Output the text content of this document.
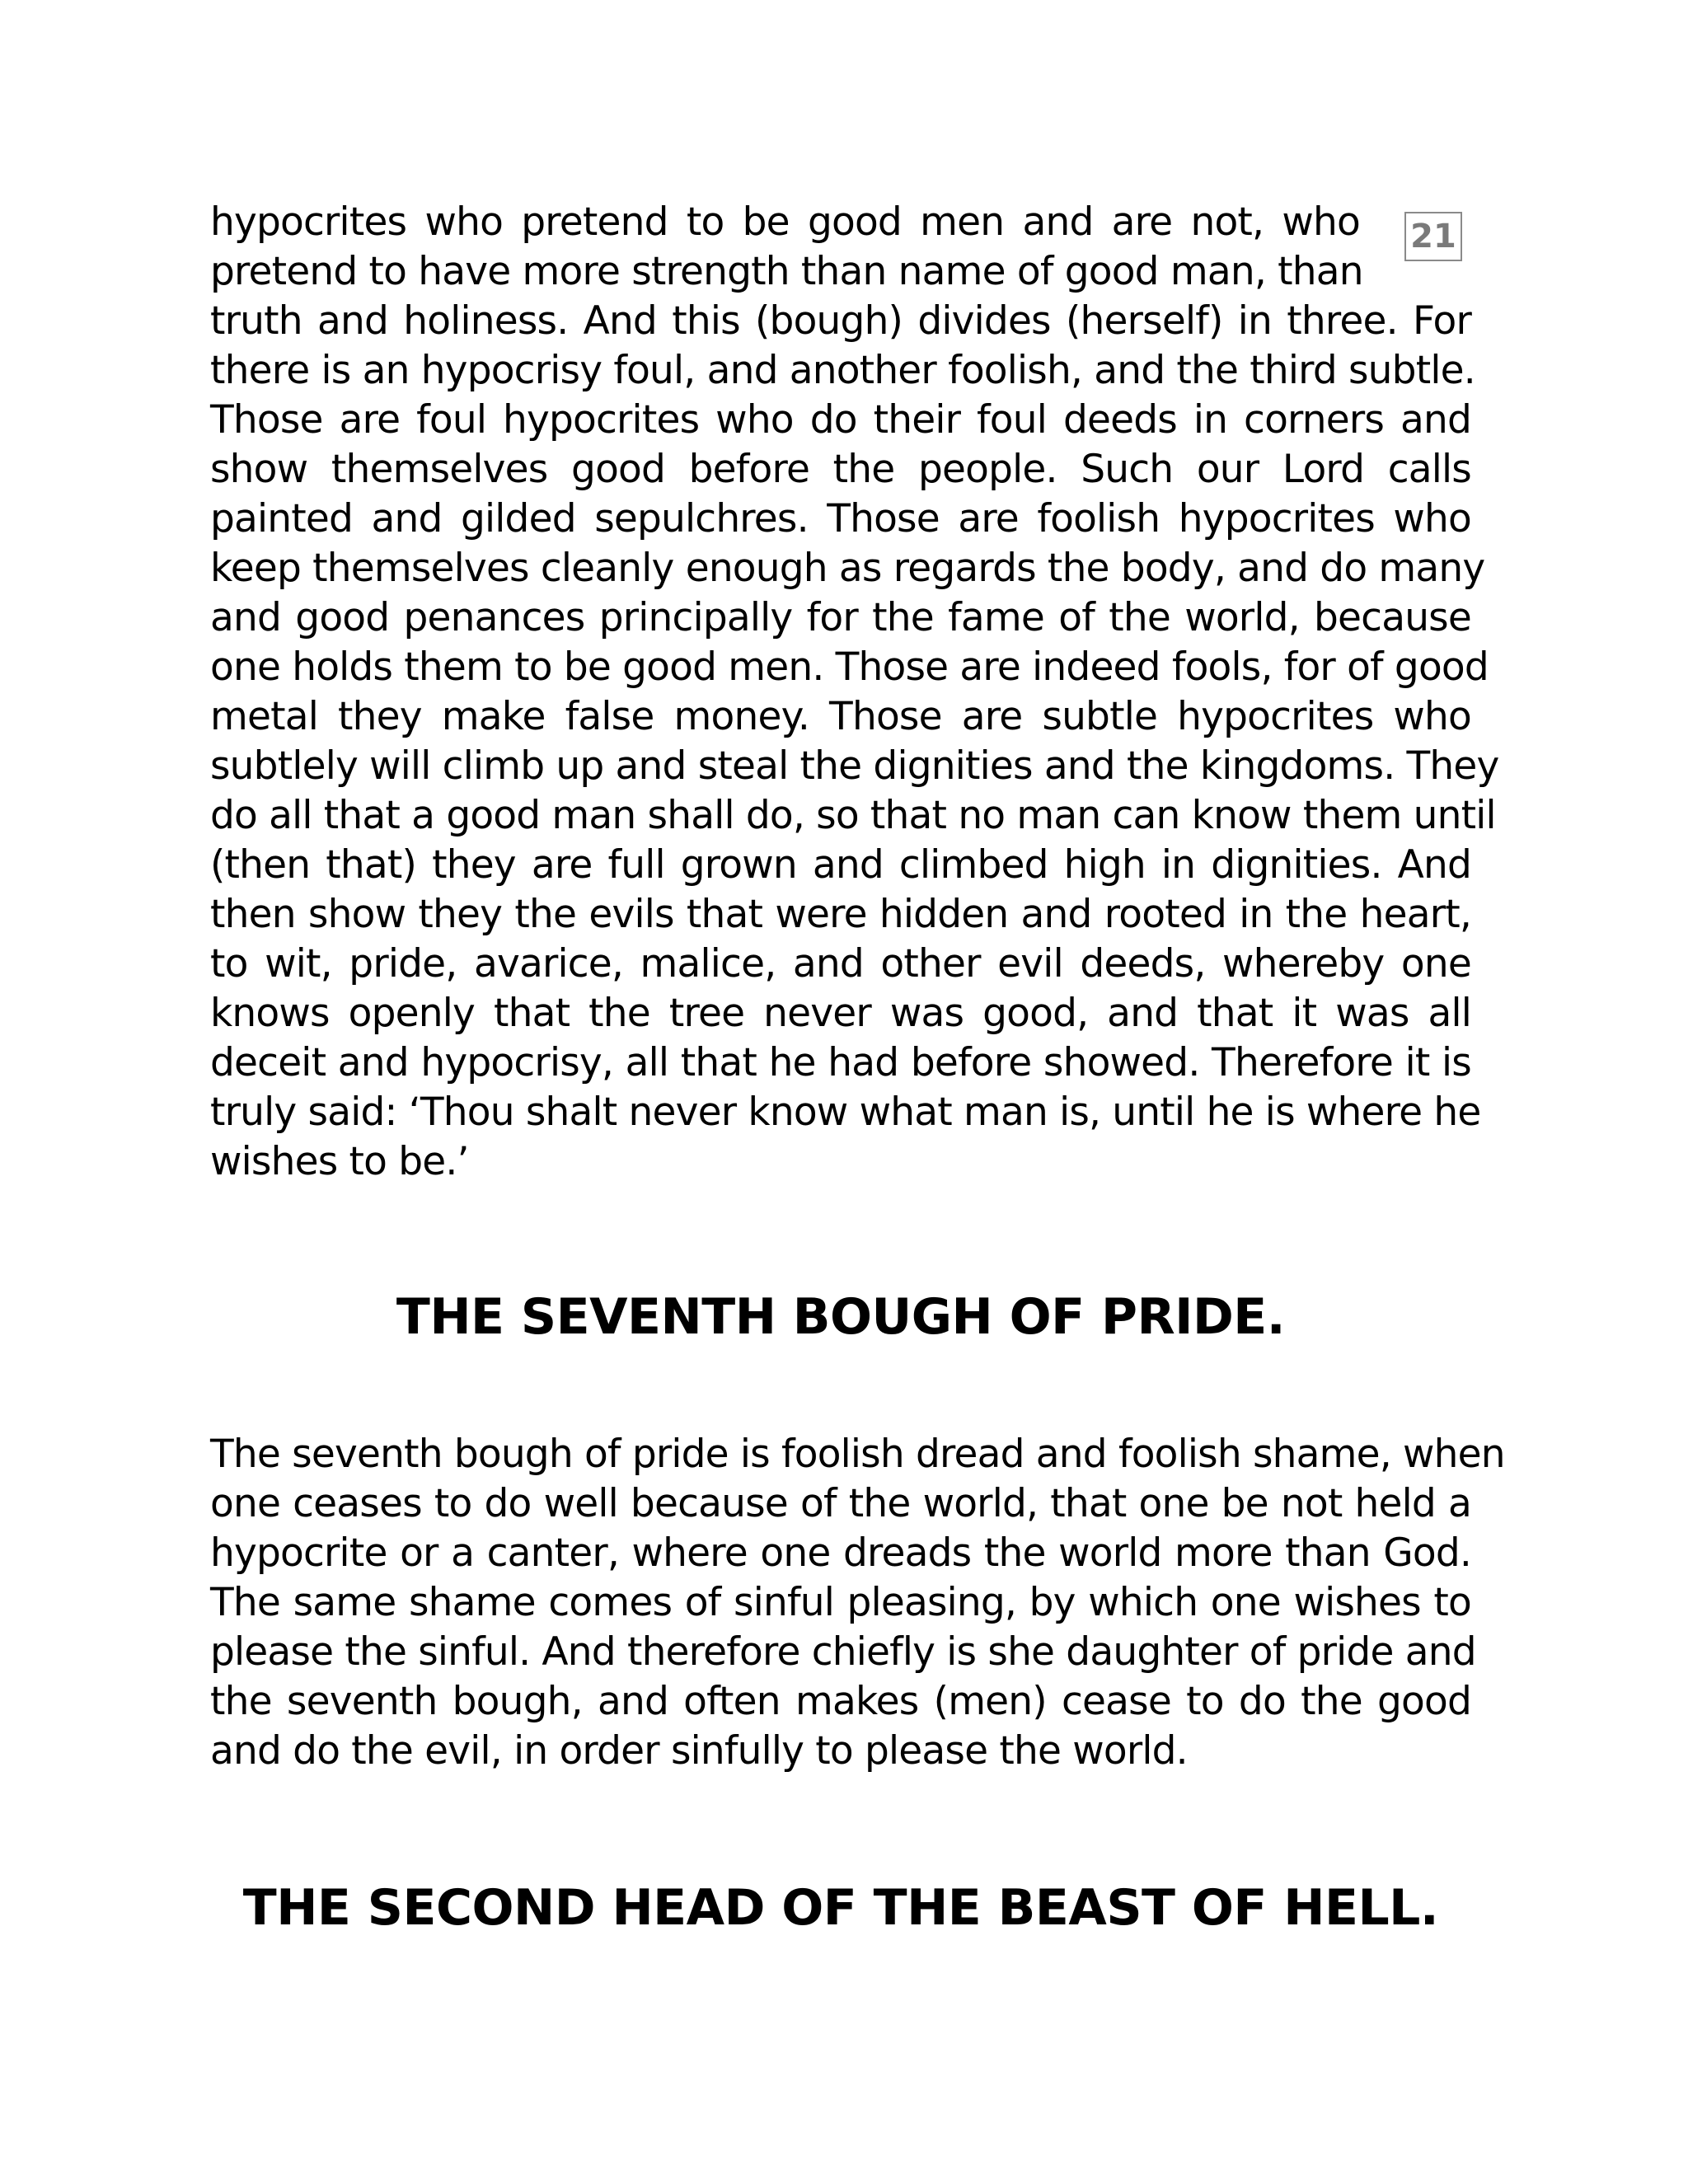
21

hypocrites who pretend to be good men and are not, who
pretend to have more strength than name of good man, than
truth and holiness. And this (bough) divides (herself) in three. For
there is an hypocrisy foul, and another foolish, and the third subtle.
Those are foul hypocrites who do their foul deeds in corners and
show themselves good before the people. Such our Lord calls
painted and gilded sepulchres. Those are foolish hypocrites who
keep themselves cleanly enough as regards the body, and do many
and good penances principally for the fame of the world, because
one holds them to be good men. Those are indeed fools, for of good
metal they make false money. Those are subtle hypocrites who
subtlely will climb up and steal the dignities and the kingdoms. They
do all that a good man shall do, so that no man can know them until
(then that) they are full grown and climbed high in dignities. And
then show they the evils that were hidden and rooted in the heart,
to wit, pride, avarice, malice, and other evil deeds, whereby one
knows openly that the tree never was good, and that it was all
deceit and hypocrisy, all that he had before showed. Therefore it is
truly said: ‘Thou shalt never know what man is, until he is where he
wishes to be.’

THE SEVENTH BOUGH OF PRIDE.

The seventh bough of pride is foolish dread and foolish shame, when
one ceases to do well because of the world, that one be not held a
hypocrite or a canter, where one dreads the world more than God.
The same shame comes of sinful pleasing, by which one wishes to
please the sinful. And therefore chiefly is she daughter of pride and
the seventh bough, and often makes (men) cease to do the good
and do the evil, in order sinfully to please the world.

THE SECOND HEAD OF THE BEAST OF HELL.
